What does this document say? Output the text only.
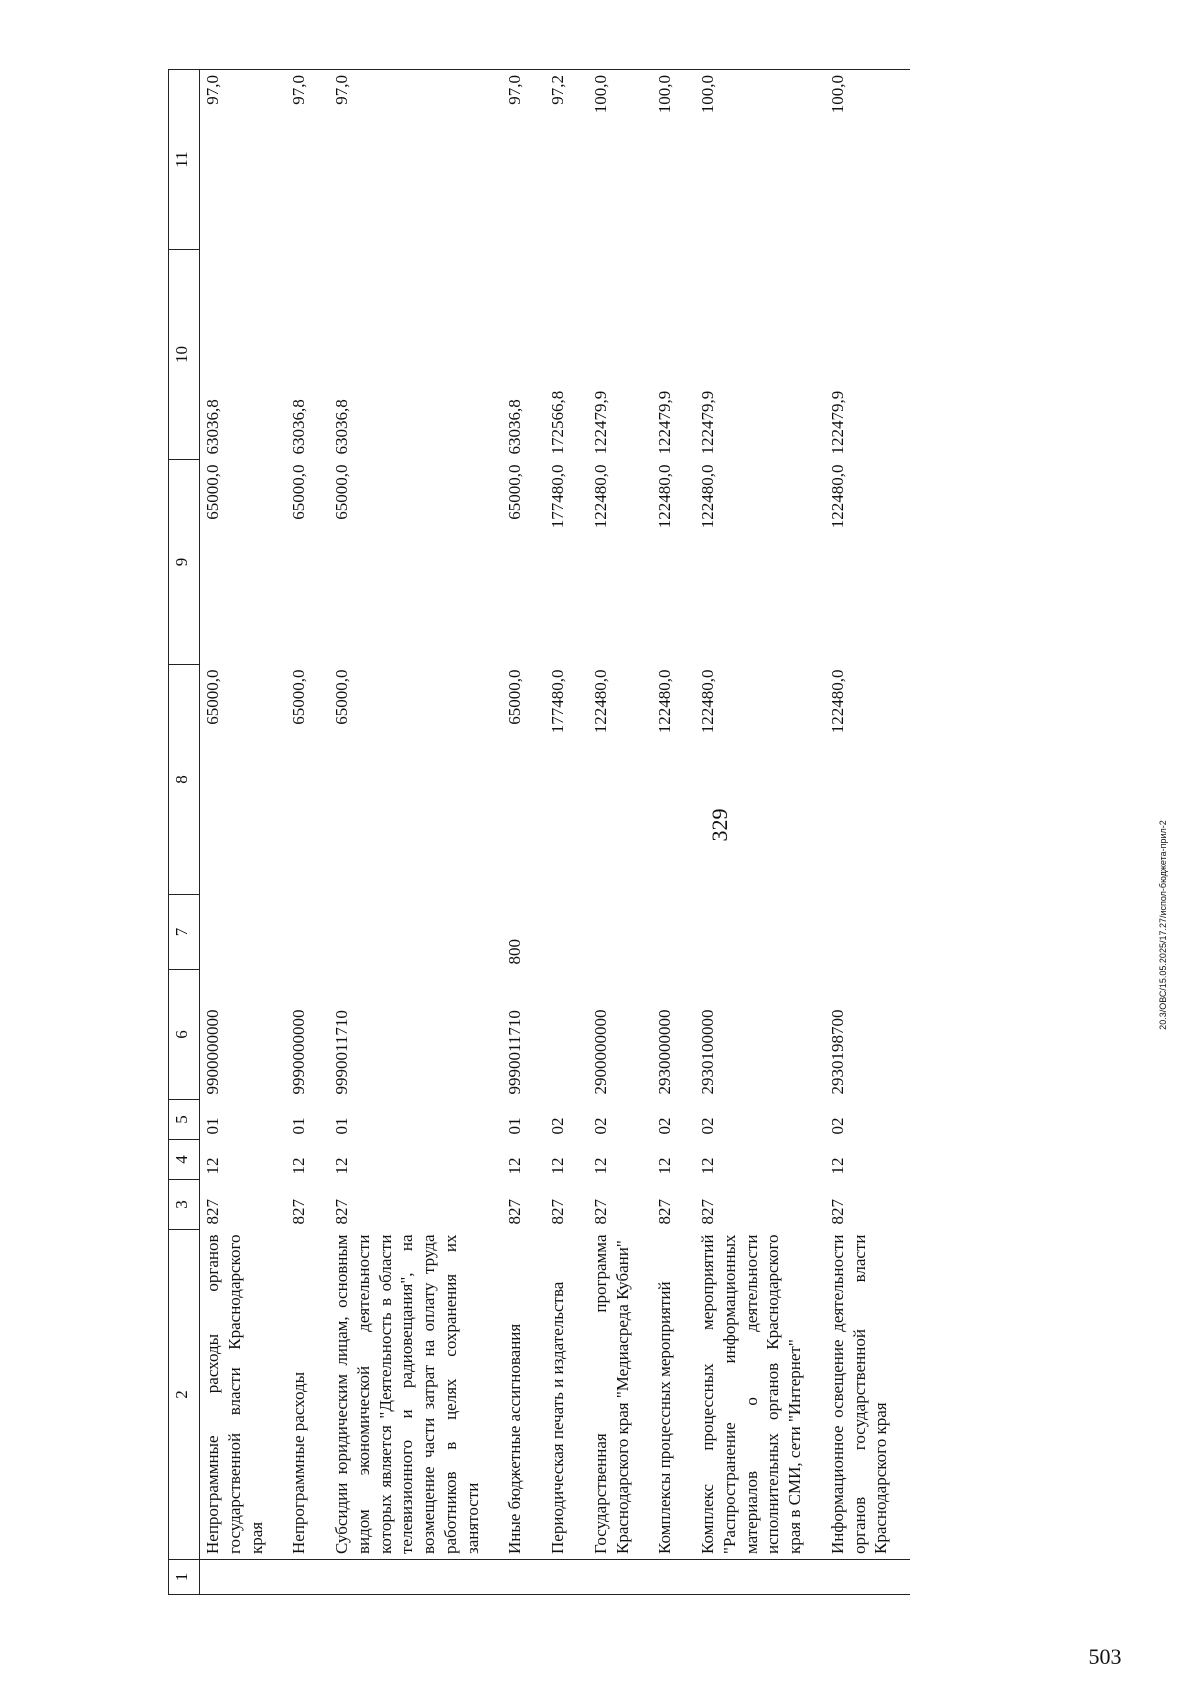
329
1	2	3	4	5	6	7	8	9	10	11
	Непрограммные расходы органов государственной власти Краснодарского края	827	12	01	9900000000		65000,0	65000,0	63036,8	97,0
	Непрограммные расходы	827	12	01	9990000000		65000,0	65000,0	63036,8	97,0
	Субсидии юридическим лицам, основным видом экономической деятельности которых является "Деятельность в области телевизионного и радиовещания", на возмещение части затрат на оплату труда работников в целях сохранения их занятости	827	12	01	9990011710		65000,0	65000,0	63036,8	97,0
	Иные бюджетные ассигнования	827	12	01	9990011710	800	65000,0	65000,0	63036,8	97,0
	Периодическая печать и издательства	827	12	02			177480,0	177480,0	172566,8	97,2
	Государственная программа Краснодарского края "Медиасреда Кубани"	827	12	02	2900000000		122480,0	122480,0	122479,9	100,0
	Комплексы процессных мероприятий	827	12	02	2930000000		122480,0	122480,0	122479,9	100,0
	Комплекс процессных мероприятий "Распространение информационных материалов о деятельности исполнительных органов Краснодарского края в СМИ, сети "Интернет"	827	12	02	2930100000		122480,0	122480,0	122479,9	100,0
	Информационное освещение деятельности органов государственной власти Краснодарского края	827	12	02	2930198700		122480,0	122480,0	122479,9	100,0
20.3/ОВС/15.05.2025/17.27/испол-бюджета-прил-2
503
